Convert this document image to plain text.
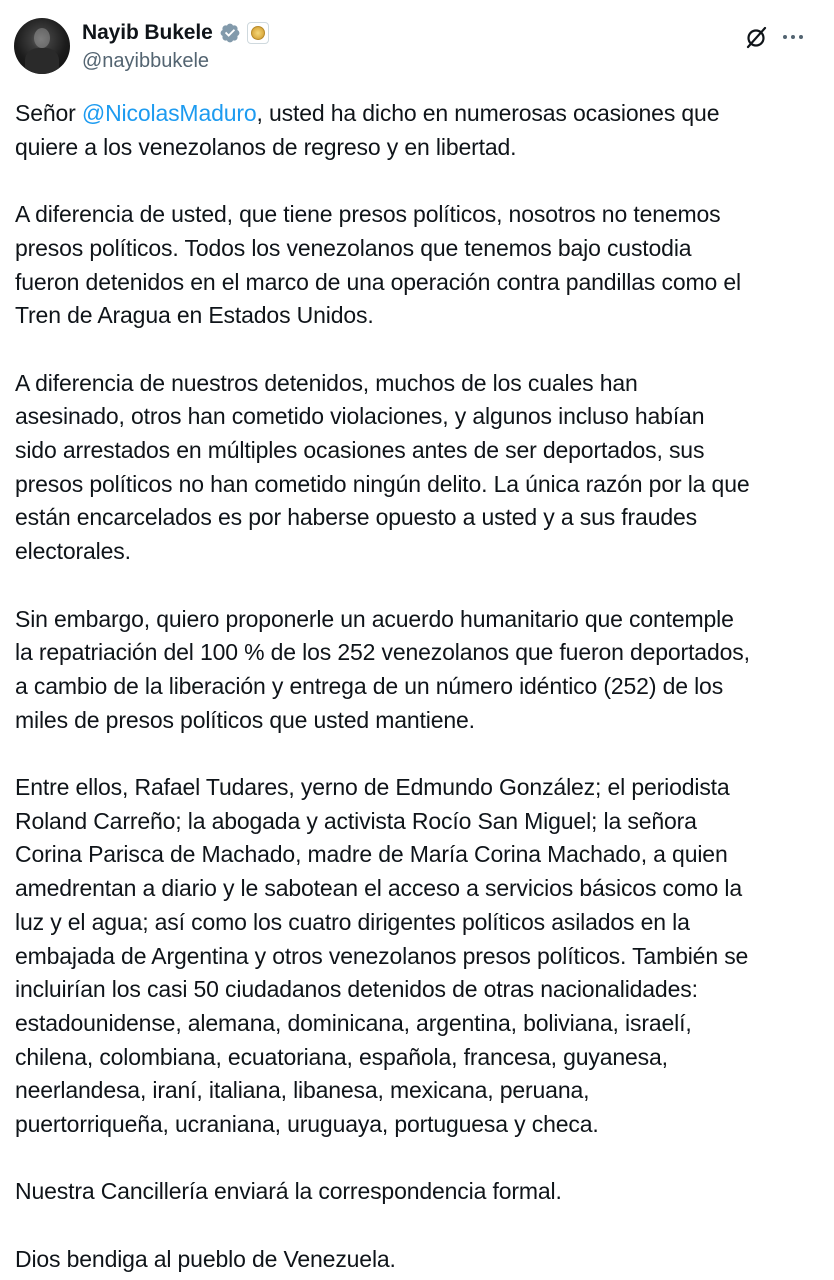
Nayib Bukele
@nayibbukele

Señor @NicolasMaduro, usted ha dicho en numerosas ocasiones que
quiere a los venezolanos de regreso y en libertad.

A diferencia de usted, que tiene presos políticos, nosotros no tenemos
presos políticos. Todos los venezolanos que tenemos bajo custodia
fueron detenidos en el marco de una operación contra pandillas como el
Tren de Aragua en Estados Unidos.

A diferencia de nuestros detenidos, muchos de los cuales han
asesinado, otros han cometido violaciones, y algunos incluso habían
sido arrestados en múltiples ocasiones antes de ser deportados, sus
presos políticos no han cometido ningún delito. La única razón por la que
están encarcelados es por haberse opuesto a usted y a sus fraudes
electorales.

Sin embargo, quiero proponerle un acuerdo humanitario que contemple
la repatriación del 100 % de los 252 venezolanos que fueron deportados,
a cambio de la liberación y entrega de un número idéntico (252) de los
miles de presos políticos que usted mantiene.

Entre ellos, Rafael Tudares, yerno de Edmundo González; el periodista
Roland Carreño; la abogada y activista Rocío San Miguel; la señora
Corina Parisca de Machado, madre de María Corina Machado, a quien
amedrentan a diario y le sabotean el acceso a servicios básicos como la
luz y el agua; así como los cuatro dirigentes políticos asilados en la
embajada de Argentina y otros venezolanos presos políticos. También se
incluirían los casi 50 ciudadanos detenidos de otras nacionalidades:
estadounidense, alemana, dominicana, argentina, boliviana, israelí,
chilena, colombiana, ecuatoriana, española, francesa, guyanesa,
neerlandesa, iraní, italiana, libanesa, mexicana, peruana,
puertorriqueña, ucraniana, uruguaya, portuguesa y checa.

Nuestra Cancillería enviará la correspondencia formal.

Dios bendiga al pueblo de Venezuela.
